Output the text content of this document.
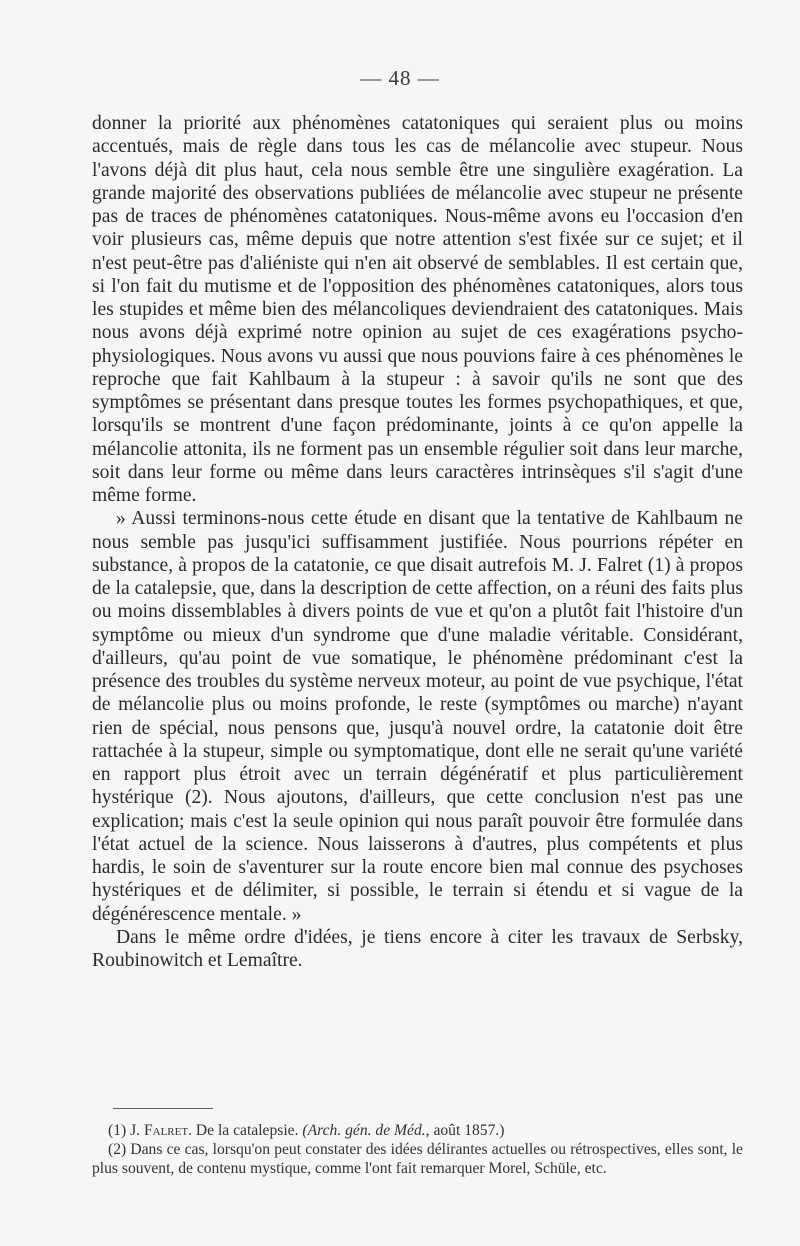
— 48 —

donner la priorité aux phénomènes catatoniques qui seraient plus ou moins accentués, mais de règle dans tous les cas de mélancolie avec stupeur. Nous l'avons déjà dit plus haut, cela nous semble être une singulière exagération. La grande majorité des observations publiées de mélancolie avec stupeur ne présente pas de traces de phénomènes catatoniques. Nous-même avons eu l'occasion d'en voir plusieurs cas, même depuis que notre attention s'est fixée sur ce sujet; et il n'est peut-être pas d'aliéniste qui n'en ait observé de semblables. Il est certain que, si l'on fait du mutisme et de l'opposition des phénomènes catatoniques, alors tous les stupides et même bien des mélancoliques deviendraient des catatoniques. Mais nous avons déjà exprimé notre opinion au sujet de ces exagérations psycho-physiologiques. Nous avons vu aussi que nous pouvions faire à ces phénomènes le reproche que fait Kahlbaum à la stupeur : à savoir qu'ils ne sont que des symptômes se présentant dans presque toutes les formes psychopathiques, et que, lorsqu'ils se montrent d'une façon prédominante, joints à ce qu'on appelle la mélancolie attonita, ils ne forment pas un ensemble régulier soit dans leur marche, soit dans leur forme ou même dans leurs caractères intrinsèques s'il s'agit d'une même forme.

» Aussi terminons-nous cette étude en disant que la tentative de Kahlbaum ne nous semble pas jusqu'ici suffisamment justifiée. Nous pourrions répéter en substance, à propos de la catatonie, ce que disait autrefois M. J. Falret (1) à propos de la catalepsie, que, dans la description de cette affection, on a réuni des faits plus ou moins dissemblables à divers points de vue et qu'on a plutôt fait l'histoire d'un symptôme ou mieux d'un syndrome que d'une maladie véritable. Considérant, d'ailleurs, qu'au point de vue somatique, le phénomène prédominant c'est la présence des troubles du système nerveux moteur, au point de vue psychique, l'état de mélancolie plus ou moins profonde, le reste (symptômes ou marche) n'ayant rien de spécial, nous pensons que, jusqu'à nouvel ordre, la catatonie doit être rattachée à la stupeur, simple ou symptomatique, dont elle ne serait qu'une variété en rapport plus étroit avec un terrain dégénératif et plus particulièrement hystérique (2). Nous ajoutons, d'ailleurs, que cette conclusion n'est pas une explication; mais c'est la seule opinion qui nous paraît pouvoir être formulée dans l'état actuel de la science. Nous laisserons à d'autres, plus compétents et plus hardis, le soin de s'aventurer sur la route encore bien mal connue des psychoses hystériques et de délimiter, si possible, le terrain si étendu et si vague de la dégénérescence mentale. »

Dans le même ordre d'idées, je tiens encore à citer les travaux de Serbsky, Roubinowitch et Lemaître.

(1) J. Falret. De la catalepsie. (Arch. gén. de Méd., août 1857.)

(2) Dans ce cas, lorsqu'on peut constater des idées délirantes actuelles ou rétrospectives, elles sont, le plus souvent, de contenu mystique, comme l'ont fait remarquer Morel, Schüle, etc.
